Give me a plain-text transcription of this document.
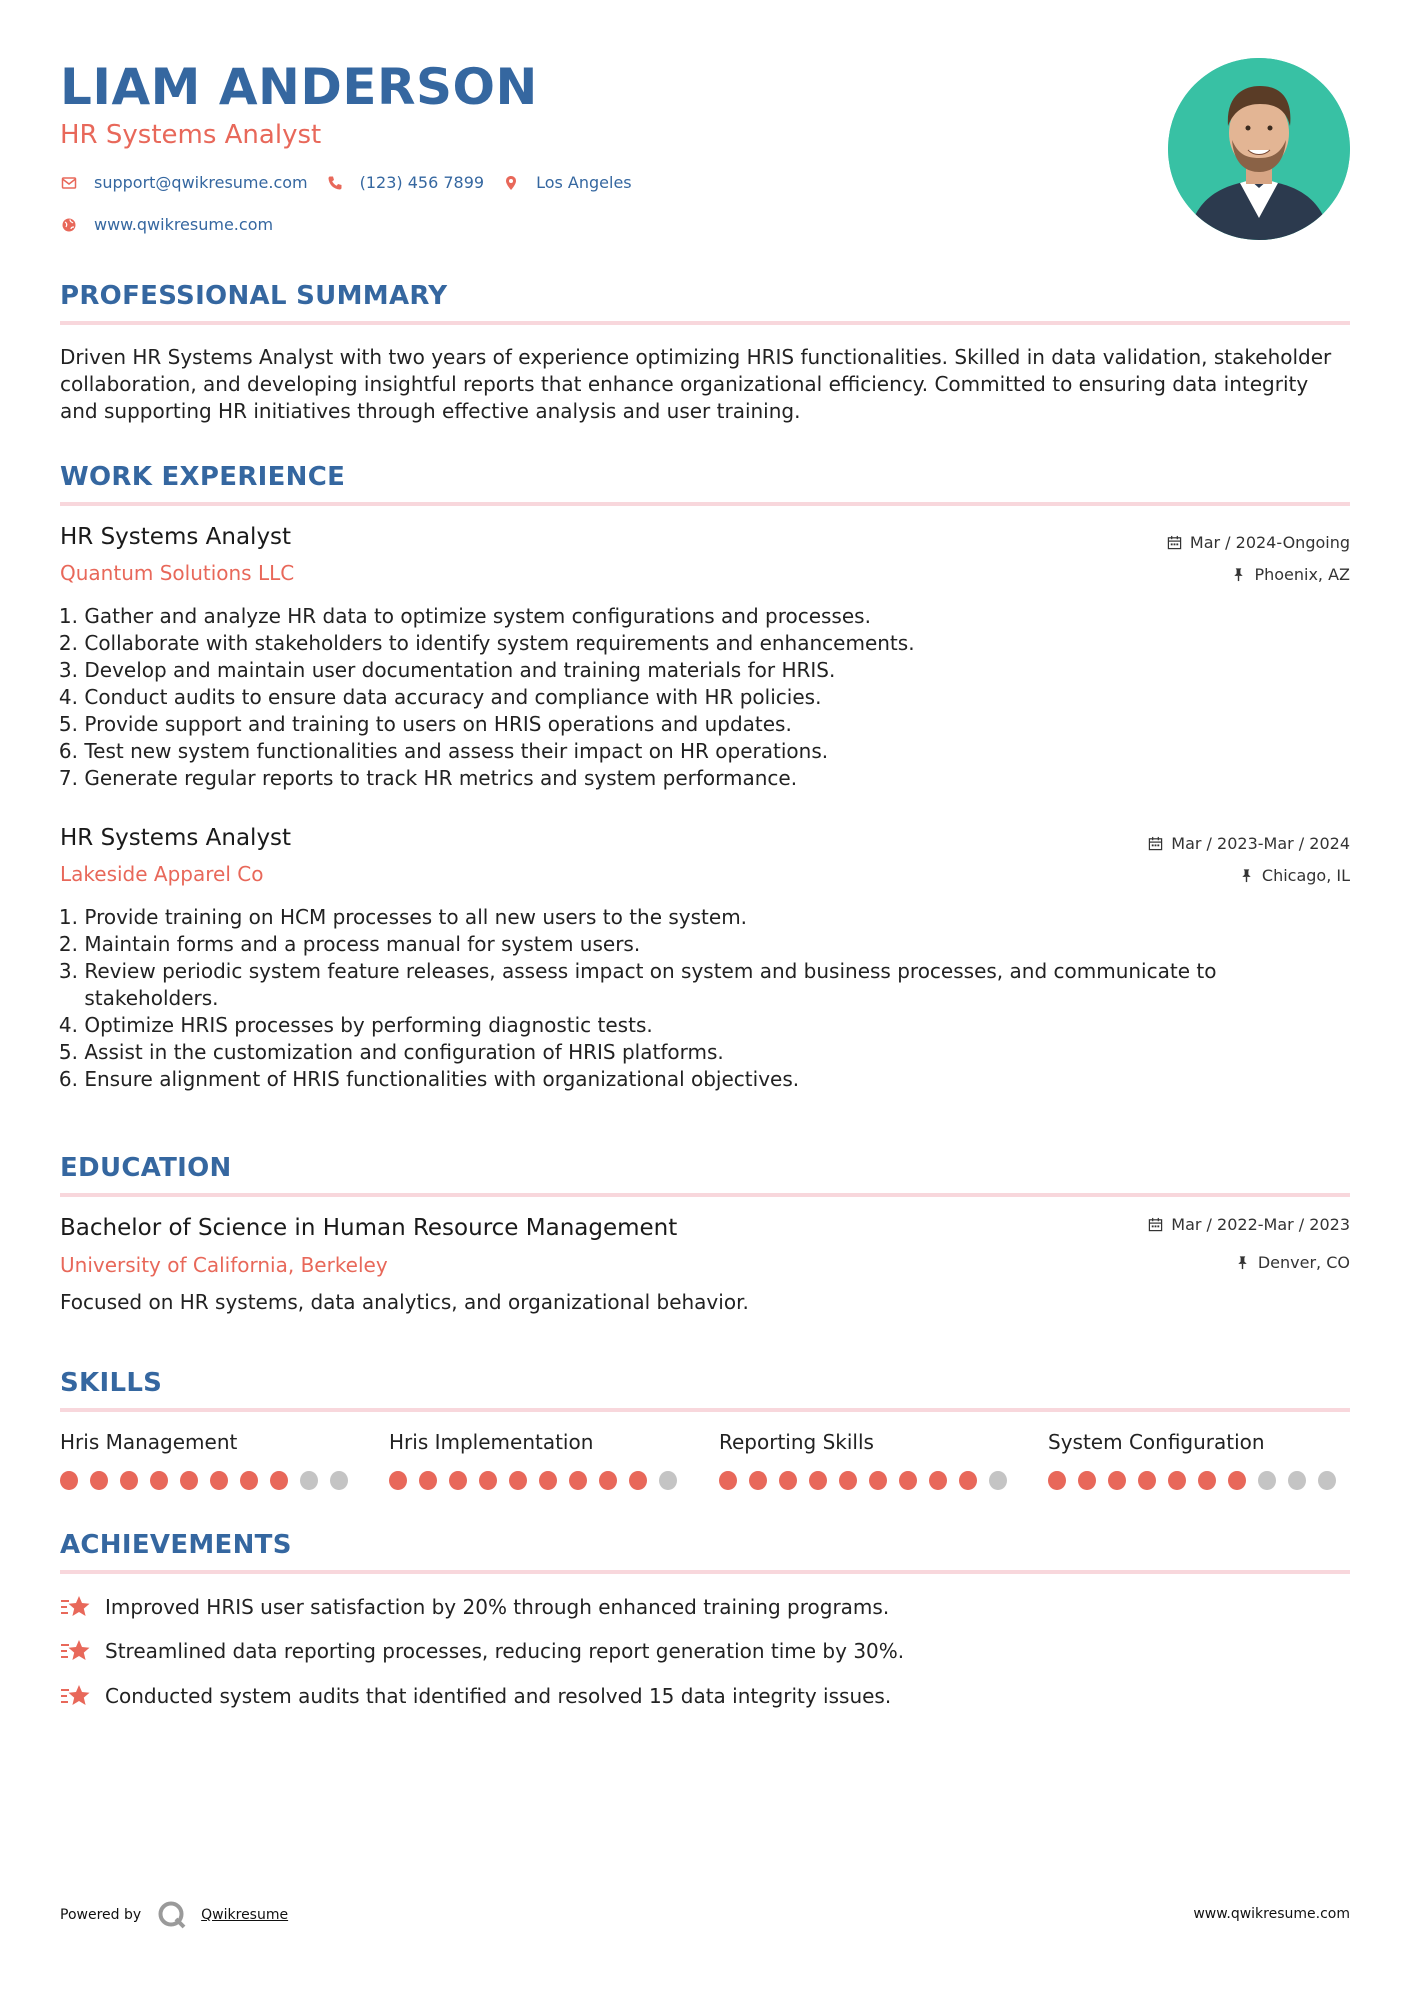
LIAM ANDERSON
HR Systems Analyst
support@qwikresume.com	(123) 456 7899	Los Angeles
www.qwikresume.com
PROFESSIONAL SUMMARY
Driven HR Systems Analyst with two years of experience optimizing HRIS functionalities. Skilled in data validation, stakeholder collaboration, and developing insightful reports that enhance organizational efficiency. Committed to ensuring data integrity and supporting HR initiatives through effective analysis and user training.
WORK EXPERIENCE
HR Systems Analyst
Quantum Solutions LLC
Mar / 2024-Ongoing
Phoenix, AZ
1.
Gather and analyze HR data to optimize system configurations and processes.
2.
Collaborate with stakeholders to identify system requirements and enhancements.
3.
Develop and maintain user documentation and training materials for HRIS.
4.
Conduct audits to ensure data accuracy and compliance with HR policies.
5.
Provide support and training to users on HRIS operations and updates.
6.
Test new system functionalities and assess their impact on HR operations.
7.
Generate regular reports to track HR metrics and system performance.
HR Systems Analyst
Lakeside Apparel Co
Mar / 2023-Mar / 2024
Chicago, IL
1.
Provide training on HCM processes to all new users to the system.
2.
Maintain forms and a process manual for system users.
3.
Review periodic system feature releases, assess impact on system and business processes, and communicate to stakeholders.
4.
Optimize HRIS processes by performing diagnostic tests.
5.
Assist in the customization and configuration of HRIS platforms.
6.
Ensure alignment of HRIS functionalities with organizational objectives.
EDUCATION
Bachelor of Science in Human Resource Management
University of California, Berkeley
Mar / 2022-Mar / 2023
Denver, CO
Focused on HR systems, data analytics, and organizational behavior.
SKILLS
Hris Management	Hris Implementation	Reporting Skills	System Configuration
ACHIEVEMENTS
Improved HRIS user satisfaction by 20% through enhanced training programs.
Streamlined data reporting processes, reducing report generation time by 30%.
Conducted system audits that identified and resolved 15 data integrity issues.
Powered by	Qwikresume	www.qwikresume.com
